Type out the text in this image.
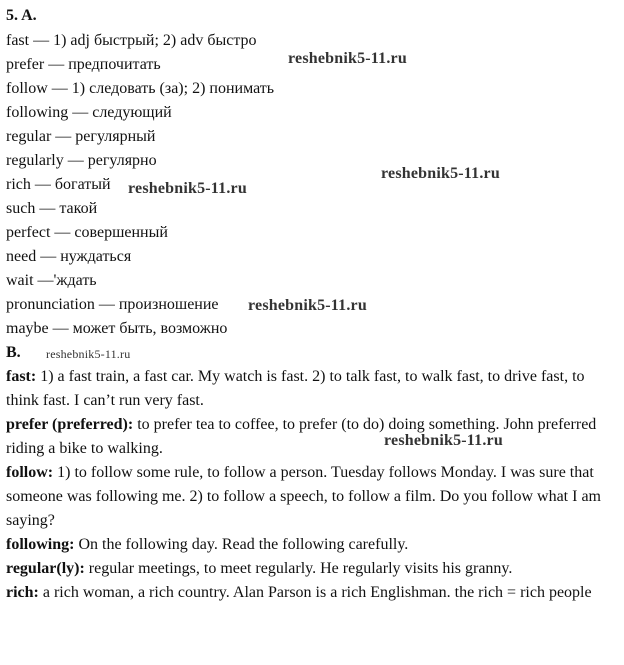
5. A.
fast — 1) adj быстрый; 2) adv быстро
prefer — предпочитать
follow — 1) следовать (за); 2) понимать
following — следующий
regular — регулярный
regularly — регулярно
rich — богатый
such — такой
perfect — совершенный
need — нуждаться
wait —'ждать
pronunciation — произношение
maybe — может быть, возможно
B.
fast: 1) a fast train, a fast car. My watch is fast. 2) to talk fast, to walk fast, to drive fast, to think fast. I can’t run very fast.
prefer (preferred): to prefer tea to coffee, to prefer (to do) doing something. John preferred riding a bike to walking.
follow: 1) to follow some rule, to follow a person. Tuesday follows Monday. I was sure that someone was following me. 2) to follow a speech, to follow a film. Do you follow what I am saying?
following: On the following day. Read the following carefully.
regular(ly): regular meetings, to meet regularly. He regularly visits his granny.
rich: a rich woman, a rich country. Alan Parson is a rich Englishman. the rich = rich people
reshebnik5-11.ru
reshebnik5-11.ru
reshebnik5-11.ru
reshebnik5-11.ru
reshebnik5-11.ru
reshebnik5-11.ru
